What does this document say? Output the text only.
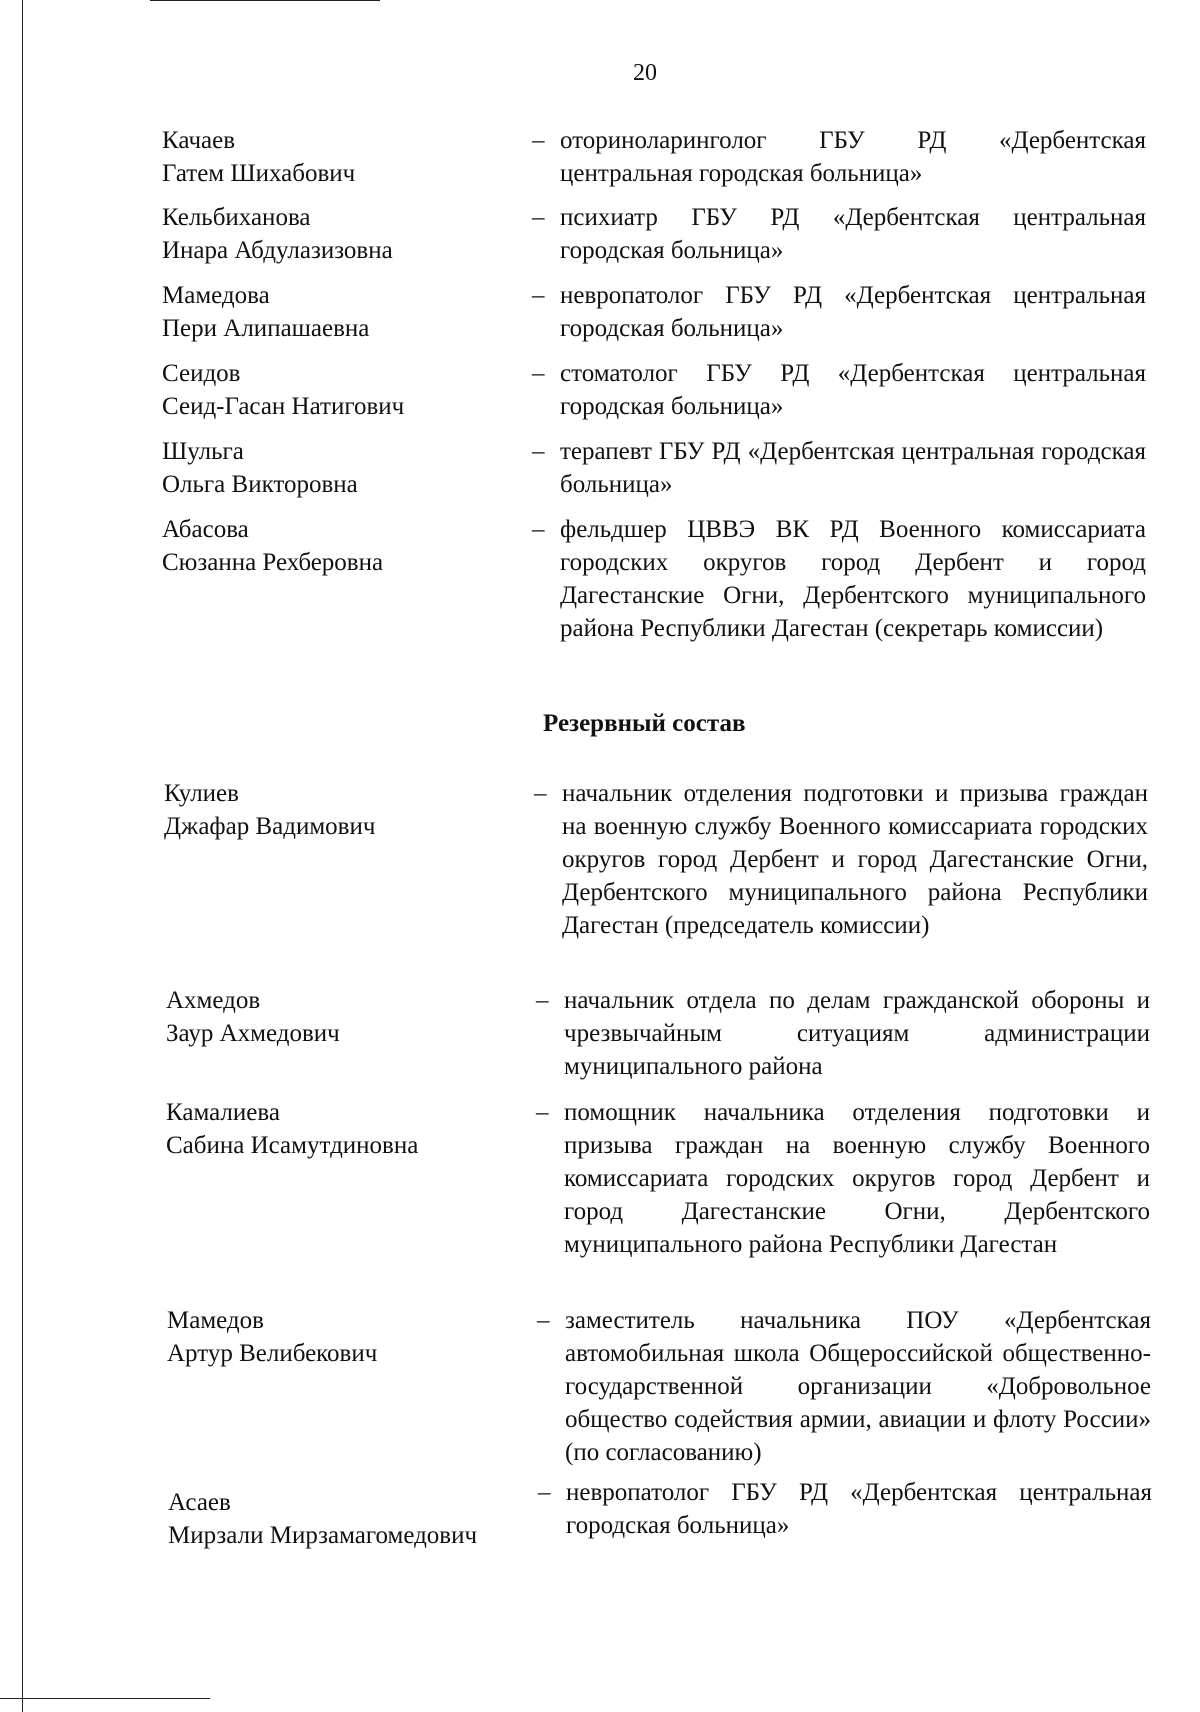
20
Качаев
Гатем Шихабович
– оториноларинголог ГБУ РД «Дербентская центральная городская больница»
Кельбиханова
Инара Абдулазизовна
– психиатр ГБУ РД «Дербентская центральная городская больница»
Мамедова
Пери Алипашаевна
– невропатолог ГБУ РД «Дербентская центральная городская больница»
Сеидов
Сеид-Гасан Натигович
– стоматолог ГБУ РД «Дербентская центральная городская больница»
Шульга
Ольга Викторовна
– терапевт ГБУ РД «Дербентская центральная городская больница»
Абасова
Сюзанна Рехберовна
– фельдшер ЦВВЭ ВК РД Военного комиссариата городских округов город Дербент и город Дагестанские Огни, Дербентского муниципального района Республики Дагестан (секретарь комиссии)
Резервный состав
Кулиев
Джафар Вадимович
– начальник отделения подготовки и призыва граждан на военную службу Военного комиссариата городских округов город Дербент и город Дагестанские Огни, Дербентского муниципального района Республики Дагестан (председатель комиссии)
Ахмедов
Заур Ахмедович
– начальник отдела по делам гражданской обороны и чрезвычайным ситуациям администрации муниципального района
Камалиева
Сабина Исамутдиновна
– помощник начальника отделения подготовки и призыва граждан на военную службу Военного комиссариата городских округов город Дербент и город Дагестанские Огни, Дербентского муниципального района Республики Дагестан
Мамедов
Артур Велибекович
– заместитель начальника ПОУ «Дербентская автомобильная школа Общероссийской общественно-государственной организации «Добровольное общество содействия армии, авиации и флоту России» (по согласованию)
Асаев
Мирзали Мирзамагомедович
– невропатолог ГБУ РД «Дербентская центральная городская больница»
